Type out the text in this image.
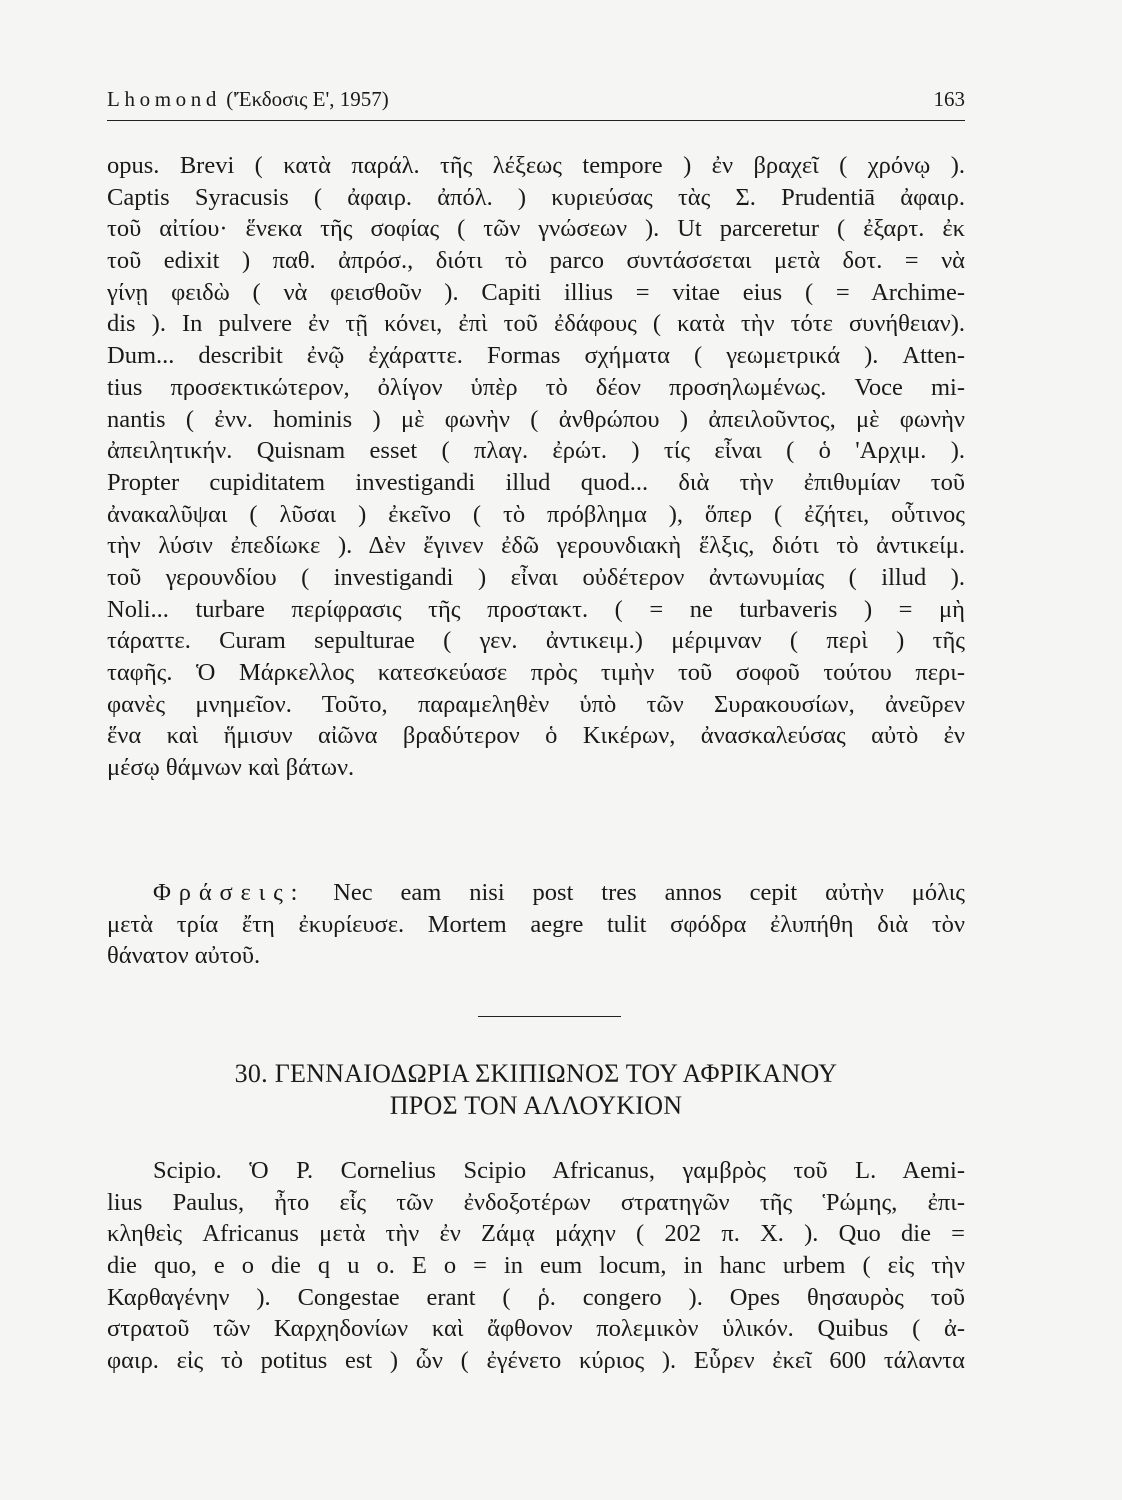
Lhomond ('Έκδοσις Ε', 1957)	163
opus. Brevi ( κατὰ παράλ. τῆς λέξεως tempore ) ἐν βραχεῖ ( χρόνῳ ).
Captis Syracusis ( ἀφαιρ. ἀπόλ. ) κυριεύσας τὰς Σ. Prudentiā ἀφαιρ.
τοῦ αἰτίου· ἕνεκα τῆς σοφίας ( τῶν γνώσεων ). Ut parceretur ( ἐξαρτ. ἐκ
τοῦ edixit ) παθ. ἀπρόσ., διότι τὸ parco συντάσσεται μετὰ δοτ. = νὰ
γίνῃ φειδὼ ( νὰ φεισθοῦν ). Capiti illius = vitae eius ( = Archime-
dis ). In pulvere ἐν τῇ κόνει, ἐπὶ τοῦ ἐδάφους ( κατὰ τὴν τότε συνήθειαν).
Dum... describit ἐνῷ ἐχάραττε. Formas σχήματα ( γεωμετρικά ). Atten-
tius προσεκτικώτερον, ὀλίγον ὑπὲρ τὸ δέον προσηλωμένως. Voce mi-
nantis ( ἐνν. hominis ) μὲ φωνὴν ( ἀνθρώπου ) ἀπειλοῦντος, μὲ φωνὴν
ἀπειλητικήν. Quisnam esset ( πλαγ. ἐρώτ. ) τίς εἶναι ( ὁ 'Αρχιμ. ).
Propter cupiditatem investigandi illud quod... διὰ τὴν ἐπιθυμίαν τοῦ
ἀνακαλῦψαι ( λῦσαι ) ἐκεῖνο ( τὸ πρόβλημα ), ὅπερ ( ἐζήτει, οὗτινος
τὴν λύσιν ἐπεδίωκε ). Δὲν ἔγινεν ἐδῶ γερουνδιακὴ ἕλξις, διότι τὸ ἀντικείμ.
τοῦ γερουνδίου ( investigandi ) εἶναι οὐδέτερον ἀντωνυμίας ( illud ).
Noli... turbare περίφρασις τῆς προστακτ. ( = ne turbaveris ) = μὴ
τάραττε. Curam sepulturae ( γεν. ἀντικειμ.) μέριμναν ( περὶ ) τῆς
ταφῆς. Ὁ Μάρκελλος κατεσκεύασε πρὸς τιμὴν τοῦ σοφοῦ τούτου περι-
φανὲς μνημεῖον. Τοῦτο, παραμεληθὲν ὑπὸ τῶν Συρακουσίων, ἀνεῦρεν
ἕνα καὶ ἥμισυν αἰῶνα βραδύτερον ὁ Κικέρων, ἀνασκαλεύσας αὐτὸ ἐν
μέσῳ θάμνων καὶ βάτων.
Φράσεις: Nec eam nisi post tres annos cepit αὐτὴν μόλις
μετὰ τρία ἔτη ἐκυρίευσε. Mortem aegre tulit σφόδρα ἐλυπήθη διὰ τὸν
θάνατον αὐτοῦ.
30. ΓΕΝΝΑΙΟΔΩΡΙΑ ΣΚΙΠΙΩΝΟΣ ΤΟΥ ΑΦΡΙΚΑΝΟΥ
ΠΡΟΣ ΤΟΝ ΑΛΛΟΥΚΙΟΝ
Scipio. Ὁ P. Cornelius Scipio Africanus, γαμβρὸς τοῦ L. Aemi-
lius Paulus, ἦτο εἷς τῶν ἐνδοξοτέρων στρατηγῶν τῆς Ῥώμης, ἐπι-
κληθεὶς Africanus μετὰ τὴν ἐν Ζάμᾳ μάχην ( 202 π. Χ. ). Quo die =
die quo, e o die q u o. E o = in eum locum, in hanc urbem ( εἰς τὴν
Καρθαγένην ). Congestae erant ( ῥ. congero ). Opes θησαυρὸς τοῦ
στρατοῦ τῶν Καρχηδονίων καὶ ἄφθονον πολεμικὸν ὑλικόν. Quibus ( ἀ-
φαιρ. εἰς τὸ potitus est ) ὧν ( ἐγένετο κύριος ). Εὗρεν ἐκεῖ 600 τάλαντα
